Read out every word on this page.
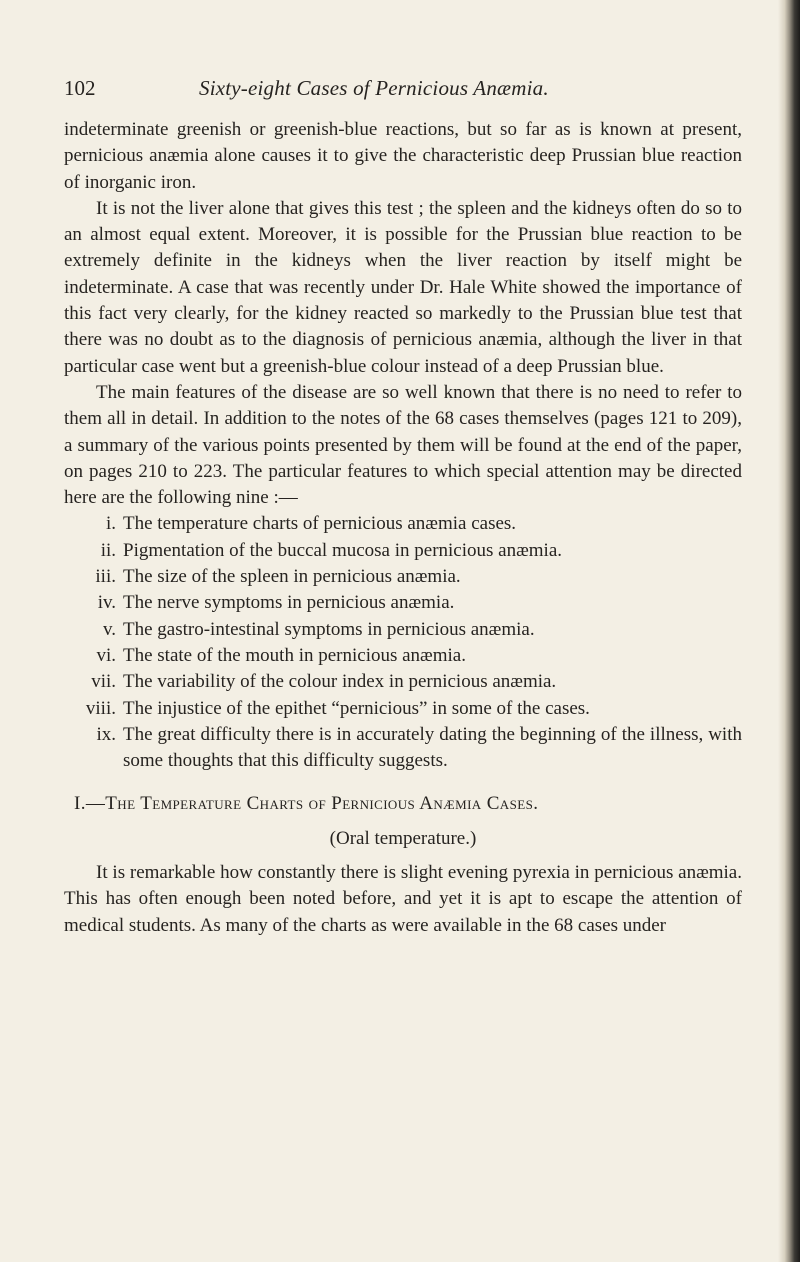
102	Sixty-eight Cases of Pernicious Anæmia.

indeterminate greenish or greenish-blue reactions, but so far as is known at present, pernicious anæmia alone causes it to give the characteristic deep Prussian blue reaction of inorganic iron.

It is not the liver alone that gives this test ; the spleen and the kidneys often do so to an almost equal extent. Moreover, it is possible for the Prussian blue reaction to be extremely definite in the kidneys when the liver reaction by itself might be indeterminate. A case that was recently under Dr. Hale White showed the importance of this fact very clearly, for the kidney reacted so markedly to the Prussian blue test that there was no doubt as to the diagnosis of pernicious anæmia, although the liver in that particular case went but a greenish-blue colour instead of a deep Prussian blue.

The main features of the disease are so well known that there is no need to refer to them all in detail. In addition to the notes of the 68 cases themselves (pages 121 to 209), a summary of the various points presented by them will be found at the end of the paper, on pages 210 to 223. The particular features to which special attention may be directed here are the following nine :—

i. The temperature charts of pernicious anæmia cases.
ii. Pigmentation of the buccal mucosa in pernicious anæmia.
iii. The size of the spleen in pernicious anæmia.
iv. The nerve symptoms in pernicious anæmia.
v. The gastro-intestinal symptoms in pernicious anæmia.
vi. The state of the mouth in pernicious anæmia.
vii. The variability of the colour index in pernicious anæmia.
viii. The injustice of the epithet “pernicious” in some of the cases.
ix. The great difficulty there is in accurately dating the beginning of the illness, with some thoughts that this difficulty suggests.
I.—The Temperature Charts of Pernicious Anæmia Cases.
(Oral temperature.)

It is remarkable how constantly there is slight evening pyrexia in pernicious anæmia. This has often enough been noted before, and yet it is apt to escape the attention of medical students. As many of the charts as were available in the 68 cases under
